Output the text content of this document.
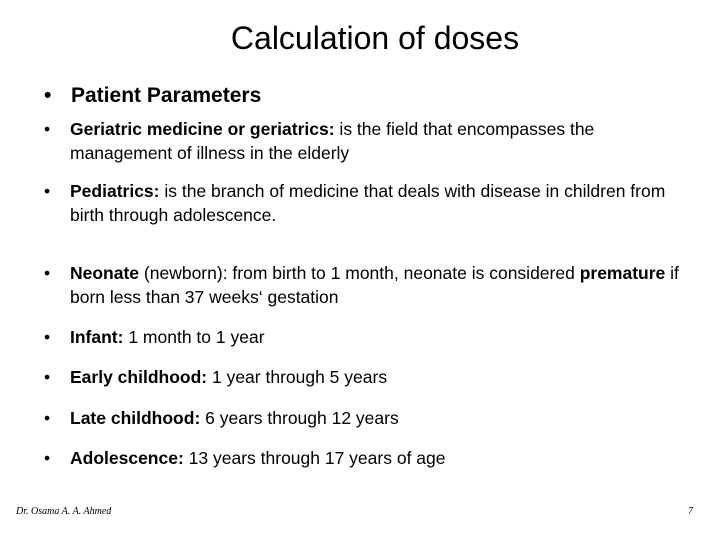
Calculation of doses
• Patient Parameters
• Geriatric medicine or geriatrics: is the field that encompasses the management of illness in the elderly
• Pediatrics: is the branch of medicine that deals with disease in children from birth through adolescence.
• Neonate (newborn): from birth to 1 month, neonate is considered premature if born less than 37 weeks‘ gestation
• Infant: 1 month to 1 year
• Early childhood: 1 year through 5 years
• Late childhood: 6 years through 12 years
• Adolescence: 13 years through 17 years of age
Dr. Osama A. A. Ahmed	7
